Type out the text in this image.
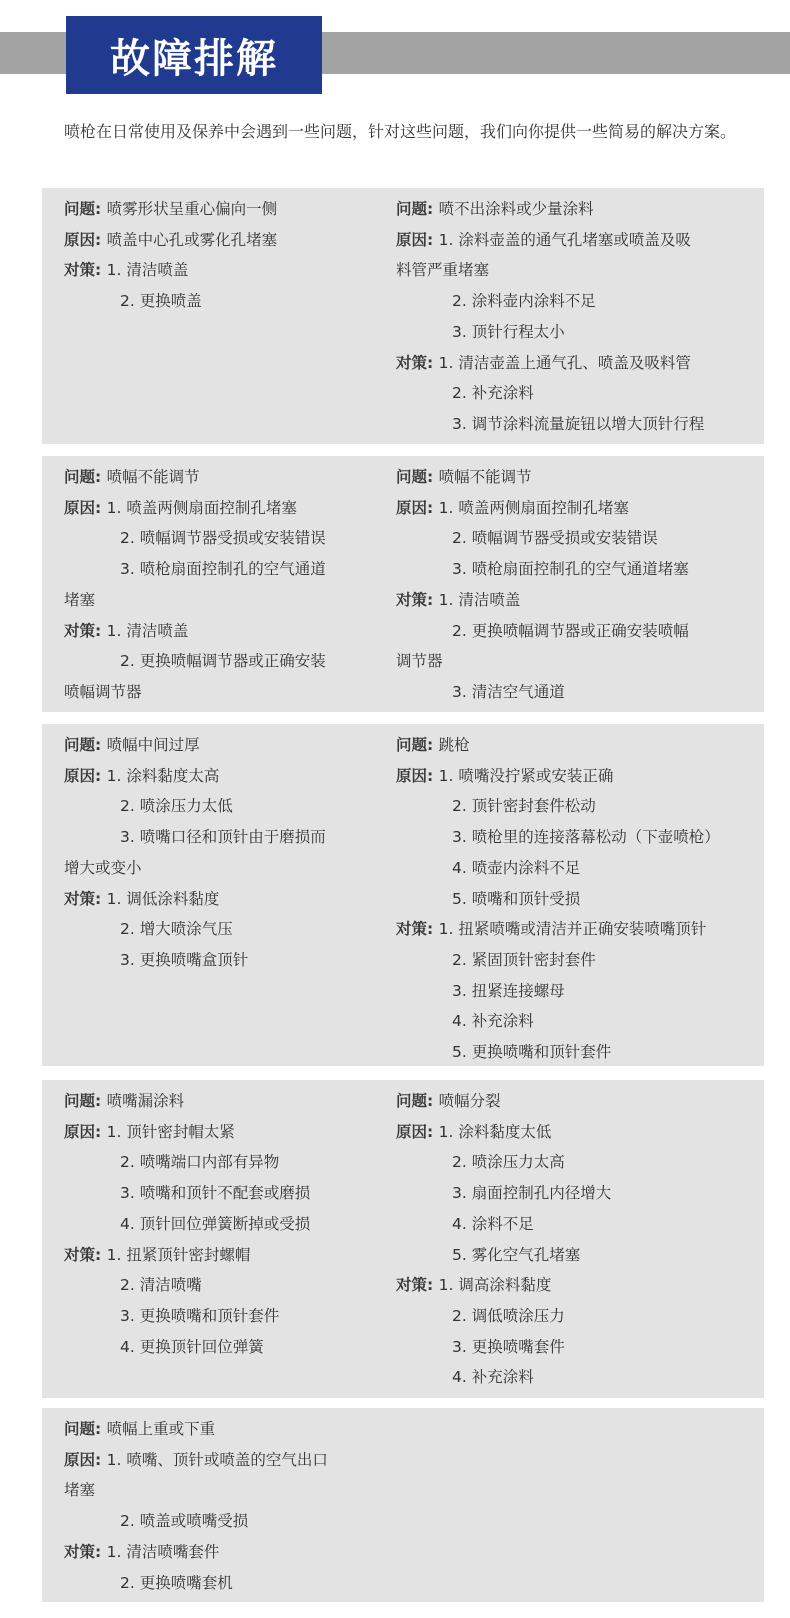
故障排解
喷枪在日常使用及保养中会遇到一些问题，针对这些问题，我们向你提供一些简易的解决方案。
问题: 喷雾形状呈重心偏向一侧
原因: 喷盖中心孔或雾化孔堵塞
对策: 1. 清洁喷盖
2. 更换喷盖
问题: 喷不出涂料或少量涂料
原因: 1. 涂料壶盖的通气孔堵塞或喷盖及吸
料管严重堵塞
2. 涂料壶内涂料不足
3. 顶针行程太小
对策: 1. 清洁壶盖上通气孔、喷盖及吸料管
2. 补充涂料
3. 调节涂料流量旋钮以增大顶针行程
问题: 喷幅不能调节
原因: 1. 喷盖两侧扇面控制孔堵塞
2. 喷幅调节器受损或安装错误
3. 喷枪扇面控制孔的空气通道
堵塞
对策: 1. 清洁喷盖
2. 更换喷幅调节器或正确安装
喷幅调节器
问题: 喷幅不能调节
原因: 1. 喷盖两侧扇面控制孔堵塞
2. 喷幅调节器受损或安装错误
3. 喷枪扇面控制孔的空气通道堵塞
对策: 1. 清洁喷盖
2. 更换喷幅调节器或正确安装喷幅
调节器
3. 清洁空气通道
问题: 喷幅中间过厚
原因: 1. 涂料黏度太高
2. 喷涂压力太低
3. 喷嘴口径和顶针由于磨损而
增大或变小
对策: 1. 调低涂料黏度
2. 增大喷涂气压
3. 更换喷嘴盒顶针
问题: 跳枪
原因: 1. 喷嘴没拧紧或安装正确
2. 顶针密封套件松动
3. 喷枪里的连接落幕松动（下壶喷枪）
4. 喷壶内涂料不足
5. 喷嘴和顶针受损
对策: 1. 扭紧喷嘴或清洁并正确安装喷嘴顶针
2. 紧固顶针密封套件
3. 扭紧连接螺母
4. 补充涂料
5. 更换喷嘴和顶针套件
问题: 喷嘴漏涂料
原因: 1. 顶针密封帽太紧
2. 喷嘴端口内部有异物
3. 喷嘴和顶针不配套或磨损
4. 顶针回位弹簧断掉或受损
对策: 1. 扭紧顶针密封螺帽
2. 清洁喷嘴
3. 更换喷嘴和顶针套件
4. 更换顶针回位弹簧
问题: 喷幅分裂
原因: 1. 涂料黏度太低
2. 喷涂压力太高
3. 扇面控制孔内径增大
4. 涂料不足
5. 雾化空气孔堵塞
对策: 1. 调高涂料黏度
2. 调低喷涂压力
3. 更换喷嘴套件
4. 补充涂料
问题: 喷幅上重或下重
原因: 1. 喷嘴、顶针或喷盖的空气出口
堵塞
2. 喷盖或喷嘴受损
对策: 1. 清洁喷嘴套件
2. 更换喷嘴套机
